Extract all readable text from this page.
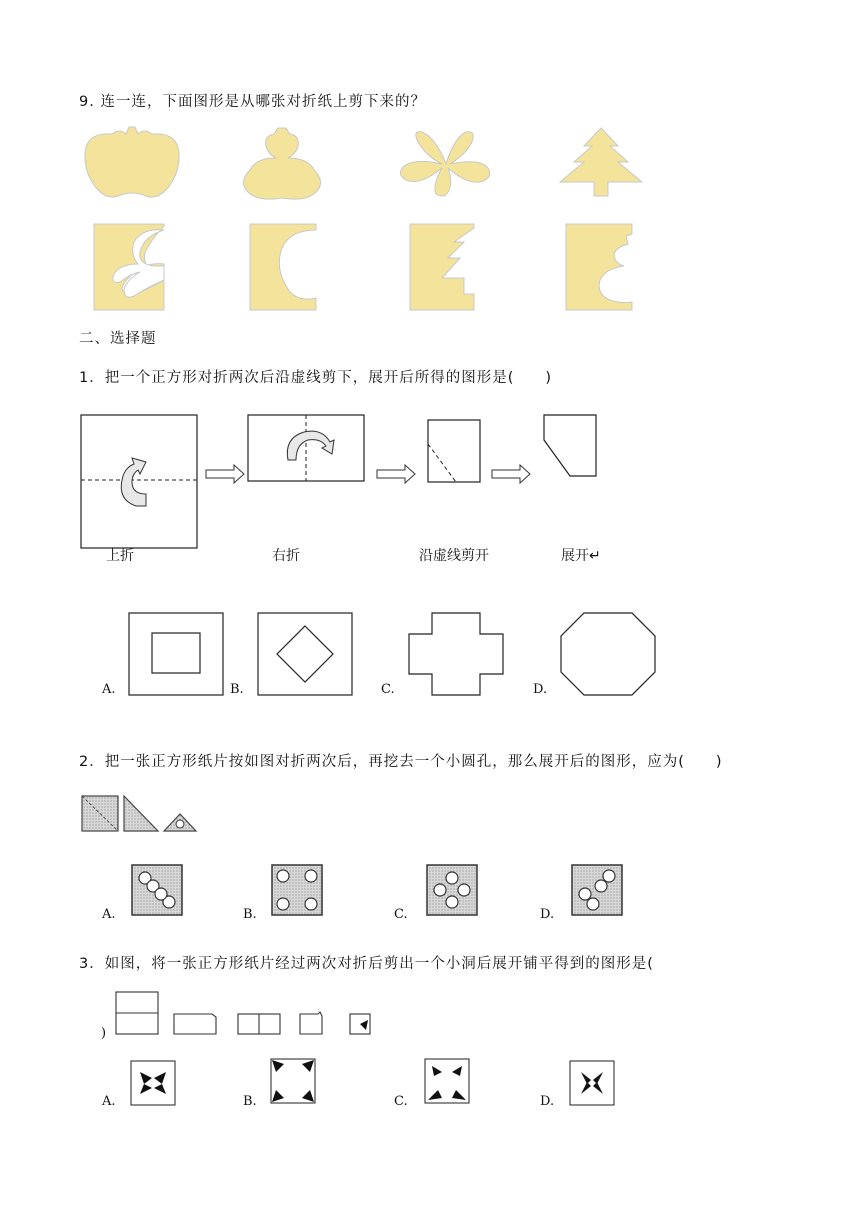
9. 连一连，下面图形是从哪张对折纸上剪下来的？
二、选择题
1．把一个正方形对折两次后沿虚线剪下，展开后所得的图形是(　　)
上折	右折	沿虚线剪开	展开↵
A.	B.	C.	D.
2．把一张正方形纸片按如图对折两次后，再挖去一个小圆孔，那么展开后的图形，应为(　　)
A.	B.	C.	D.
3．如图，将一张正方形纸片经过两次对折后剪出一个小洞后展开铺平得到的图形是(
)
A.	B.	C.	D.
